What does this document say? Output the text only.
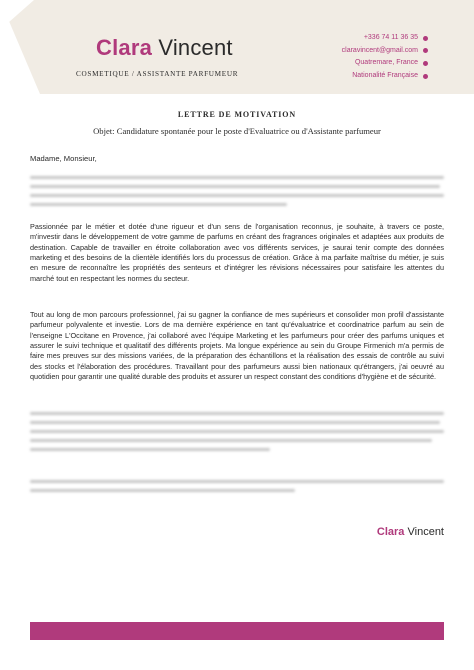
Clara Vincent
COSMETIQUE / ASSISTANTE PARFUMEUR
+336 74 11 36 35
claravincent@gmail.com
Quatremare, France
Nationalité Française
LETTRE DE MOTIVATION
Objet: Candidature spontanée pour le poste d'Evaluatrice ou d'Assistante parfumeur
Madame, Monsieur,
Passionnée par le métier et dotée d'une rigueur et d'un sens de l'organisation reconnus, je souhaite, à travers ce poste, m'investir dans le développement de votre gamme de parfums en créant des fragrances originales et adaptées aux produits de destination. Capable de travailler en étroite collaboration avec vos différents services, je saurai tenir compte des données marketing et des besoins de la clientèle identifiés lors du processus de création. Grâce à ma parfaite maîtrise du métier, je suis en mesure de reconnaître les propriétés des senteurs et d'intégrer les révisions nécessaires pour satisfaire les attentes du marché tout en respectant les normes du secteur.
Tout au long de mon parcours professionnel, j'ai su gagner la confiance de mes supérieurs et consolider mon profil d'assistante parfumeur polyvalente et investie. Lors de ma dernière expérience en tant qu'évaluatrice et coordinatrice parfum au sein de l'enseigne L'Occitane en Provence, j'ai collaboré avec l'équipe Marketing et les parfumeurs pour créer des parfums uniques et assurer le suivi technique et qualitatif des différents projets. Ma longue expérience au sein du Groupe Firmenich m'a permis de faire mes preuves sur des missions variées, de la préparation des échantillons et la réalisation des essais de contrôle au suivi des stocks et l'élaboration des procédures. Travaillant pour des parfumeurs aussi bien nationaux qu'étrangers, j'ai oeuvré au quotidien pour garantir une qualité durable des produits et assurer un respect constant des conditions d'hygiène et de sécurité.
Clara Vincent
